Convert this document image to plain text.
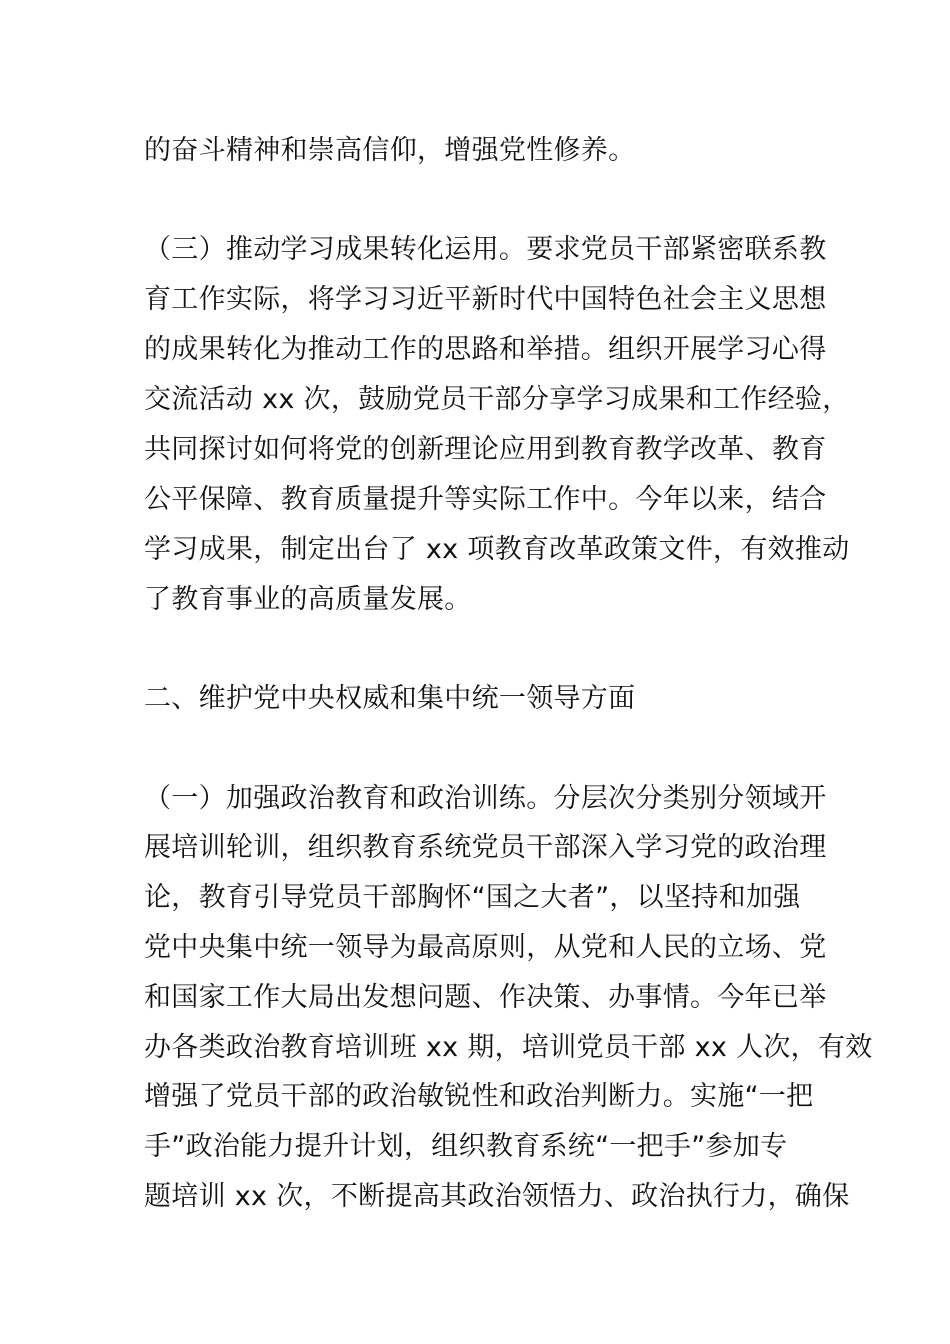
的奋斗精神和崇高信仰，增强党性修养。
（三）推动学习成果转化运用。要求党员干部紧密联系教
育工作实际，将学习习近平新时代中国特色社会主义思想
的成果转化为推动工作的思路和举措。组织开展学习心得
交流活动 xx 次，鼓励党员干部分享学习成果和工作经验，
共同探讨如何将党的创新理论应用到教育教学改革、教育
公平保障、教育质量提升等实际工作中。今年以来，结合
学习成果，制定出台了 xx 项教育改革政策文件，有效推动
了教育事业的高质量发展。
二、维护党中央权威和集中统一领导方面
（一）加强政治教育和政治训练。分层次分类别分领域开
展培训轮训，组织教育系统党员干部深入学习党的政治理
论，教育引导党员干部胸怀“国之大者”，以坚持和加强
党中央集中统一领导为最高原则，从党和人民的立场、党
和国家工作大局出发想问题、作决策、办事情。今年已举
办各类政治教育培训班 xx 期，培训党员干部 xx 人次，有效
增强了党员干部的政治敏锐性和政治判断力。实施“一把
手”政治能力提升计划，组织教育系统“一把手”参加专
题培训 xx 次，不断提高其政治领悟力、政治执行力，确保
